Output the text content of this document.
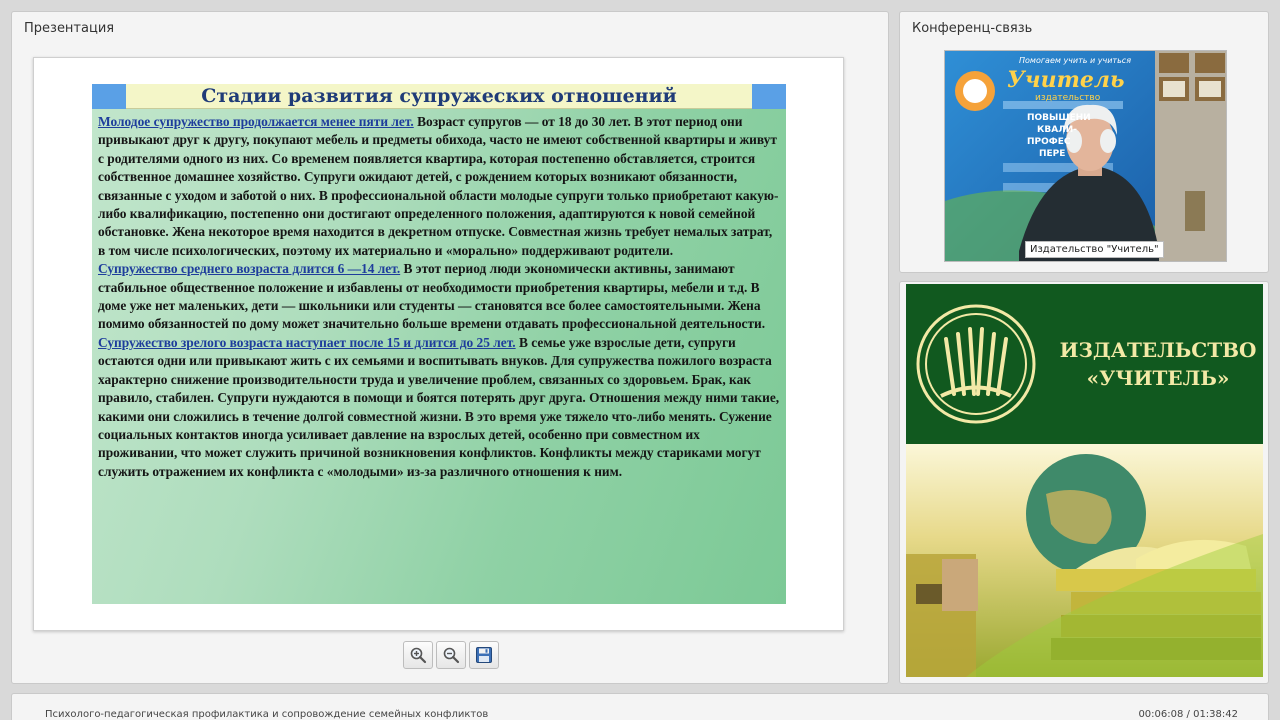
Презентация
Стадии развития супружеских отношений

Молодое супружество продолжается менее пяти лет. Возраст супругов — от 18 до 30 лет. В этот период они привыкают друг к другу, покупают мебель и предметы обихода, часто не имеют собственной квартиры и живут с родителями одного из них. Со временем появляется квартира, которая постепенно обставляется, строится собственное домашнее хозяйство. Супруги ожидают детей, с рождением которых возникают обязанности, связанные с уходом и заботой о них. В профессиональной области молодые супруги только приобретают какую-либо квалификацию, постепенно они достигают определенного положения, адаптируются к новой семейной обстановке. Жена некоторое время находится в декретном отпуске. Совместная жизнь требует немалых затрат, в том числе психологических, поэтому их материально и «морально» поддерживают родители.

Супружество среднего возраста длится 6 —14 лет. В этот период люди экономически активны, занимают стабильное общественное положение и избавлены от необходимости приобретения квартиры, мебели и т.д. В доме уже нет маленьких, дети — школьники или студенты — становятся все более самостоятельными. Жена помимо обязанностей по дому может значительно больше времени отдавать профессиональной деятельности.

Супружество зрелого возраста наступает после 15 и длится до 25 лет. В семье уже взрослые дети, супруги остаются одни или привыкают жить с их семьями и воспитывать внуков. Для супружества пожилого возраста характерно снижение производительности труда и увеличение проблем, связанных со здоровьем. Брак, как правило, стабилен. Супруги нуждаются в помощи и боятся потерять друг друга. Отношения между ними такие, какими они сложились в течение долгой совместной жизни. В это время уже тяжело что-либо менять. Сужение социальных контактов иногда усиливает давление на взрослых детей, особенно при совместном их проживании, что может служить причиной возникновения конфликтов. Конфликты между стариками могут служить отражением их конфликта с «молодыми» из-за различного отношения к ним.

Конференц-связь
Помогаем учить и учиться
Учитель
издательство
ПОВЫШЕНИ
КВАЛИ-
ПРОФЕС
ПЕРЕ
Издательство "Учитель"
ИЗДАТЕЛЬСТВО
«УЧИТЕЛЬ»
Психолого-педагогическая профилактика и сопровождение семейных конфликтов	00:06:08 / 01:38:42
